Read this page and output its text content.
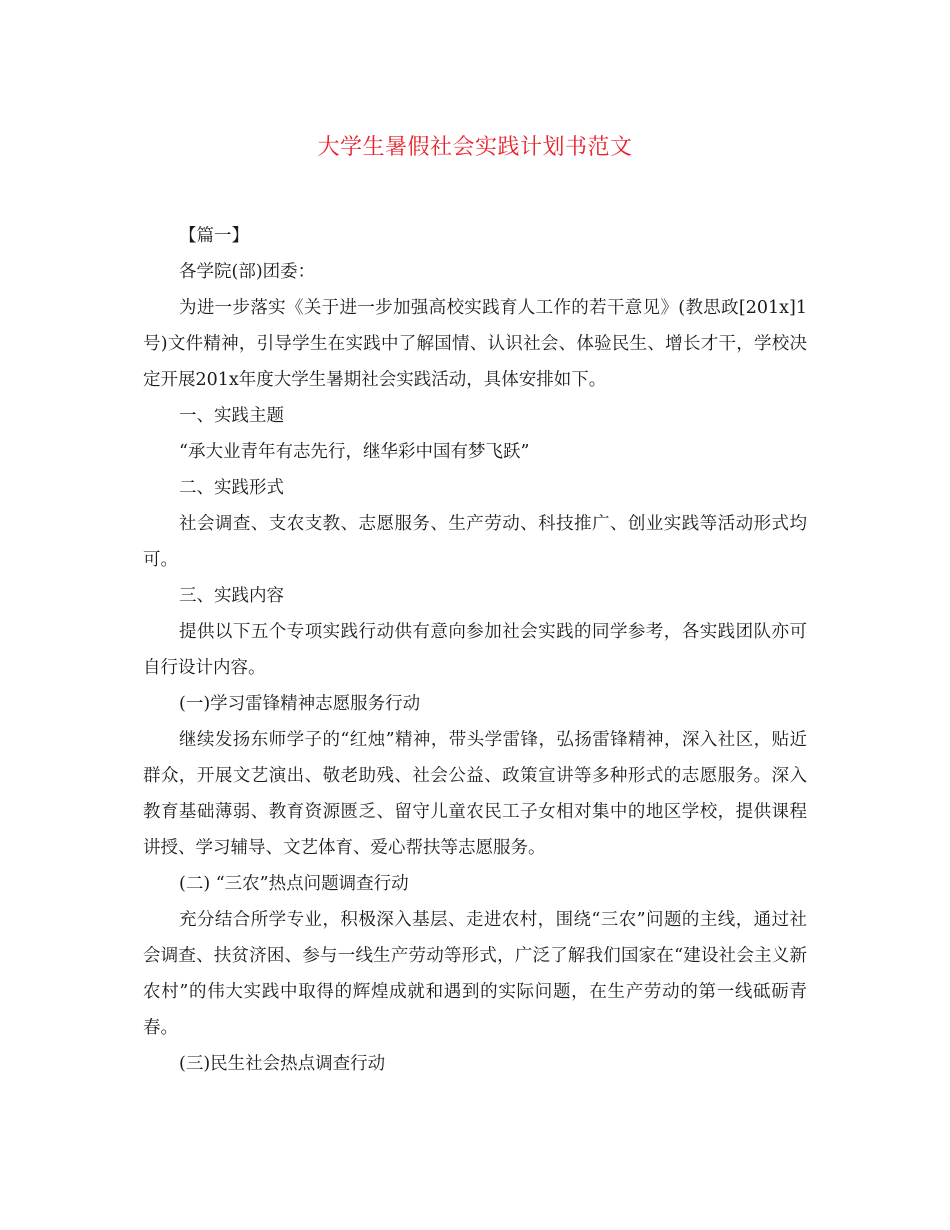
大学生暑假社会实践计划书范文

【篇一】

各学院(部)团委：

为进一步落实《关于进一步加强高校实践育人工作的若干意见》(教思政[201x]1号)文件精神，引导学生在实践中了解国情、认识社会、体验民生、增长才干，学校决定开展201x年度大学生暑期社会实践活动，具体安排如下。

一、实践主题

“承大业青年有志先行，继华彩中国有梦飞跃”

二、实践形式

社会调查、支农支教、志愿服务、生产劳动、科技推广、创业实践等活动形式均可。

三、实践内容

提供以下五个专项实践行动供有意向参加社会实践的同学参考，各实践团队亦可自行设计内容。

(一)学习雷锋精神志愿服务行动

继续发扬东师学子的“红烛”精神，带头学雷锋，弘扬雷锋精神，深入社区，贴近群众，开展文艺演出、敬老助残、社会公益、政策宣讲等多种形式的志愿服务。深入教育基础薄弱、教育资源匮乏、留守儿童农民工子女相对集中的地区学校，提供课程讲授、学习辅导、文艺体育、爱心帮扶等志愿服务。

(二) “三农”热点问题调查行动

充分结合所学专业，积极深入基层、走进农村，围绕“三农”问题的主线，通过社会调查、扶贫济困、参与一线生产劳动等形式，广泛了解我们国家在“建设社会主义新农村”的伟大实践中取得的辉煌成就和遇到的实际问题，在生产劳动的第一线砥砺青春。

(三)民生社会热点调查行动
